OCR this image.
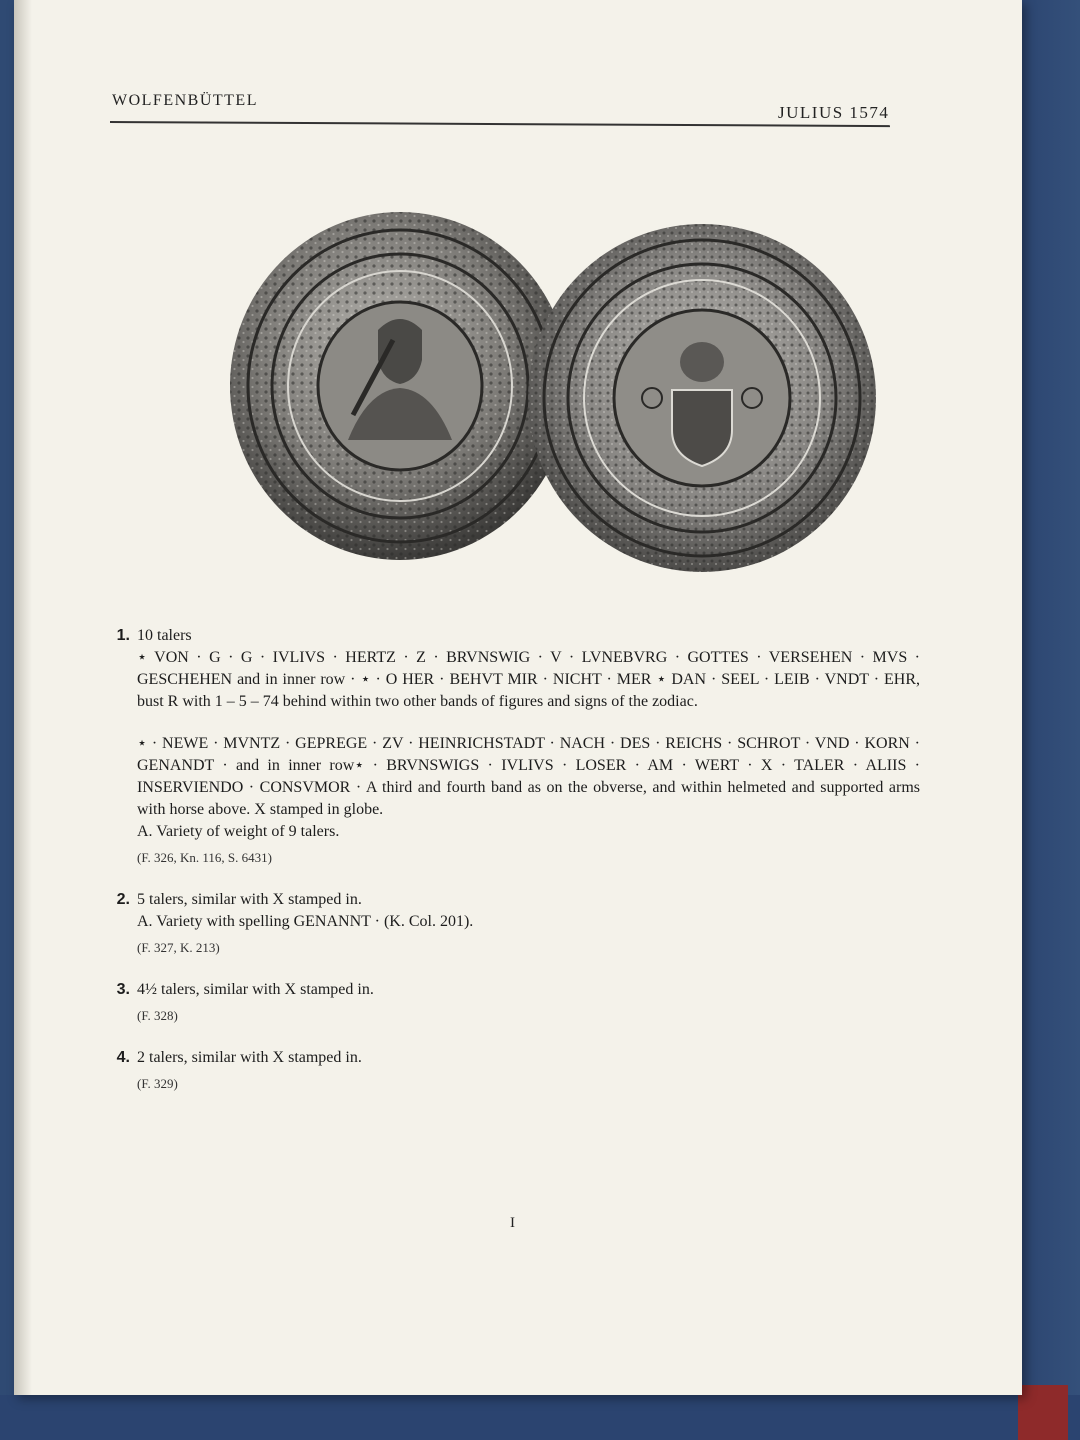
WOLFENBÜTTEL
JULIUS 1574
1. 10 talers

⋆ VON · G · G · IVLIVS · HERTZ · Z · BRVNSWIG · V · LVNEBVRG · GOTTES · VERSEHEN · MVS · GESCHEHEN and in inner row · ⋆ · O HER · BEHVT MIR · NICHT · MER ⋆ DAN · SEEL · LEIB · VNDT · EHR, bust R with 1 – 5 – 74 behind within two other bands of figures and signs of the zodiac.

⋆ · NEWE · MVNTZ · GEPREGE · ZV · HEINRICHSTADT · NACH · DES · REICHS · SCHROT · VND · KORN · GENANDT · and in inner row⋆ · BRVNSWIGS · IVLIVS · LOSER · AM · WERT · X · TALER · ALIIS · INSERVIENDO · CONSVMOR · A third and fourth band as on the obverse, and within helmeted and supported arms with horse above. X stamped in globe.

A. Variety of weight of 9 talers.

(F. 326, Kn. 116, S. 6431)
2. 5 talers, similar with X stamped in.

A. Variety with spelling GENANNT · (K. Col. 201).

(F. 327, K. 213)
3. 4½ talers, similar with X stamped in.

(F. 328)
4. 2 talers, similar with X stamped in.

(F. 329)
I
